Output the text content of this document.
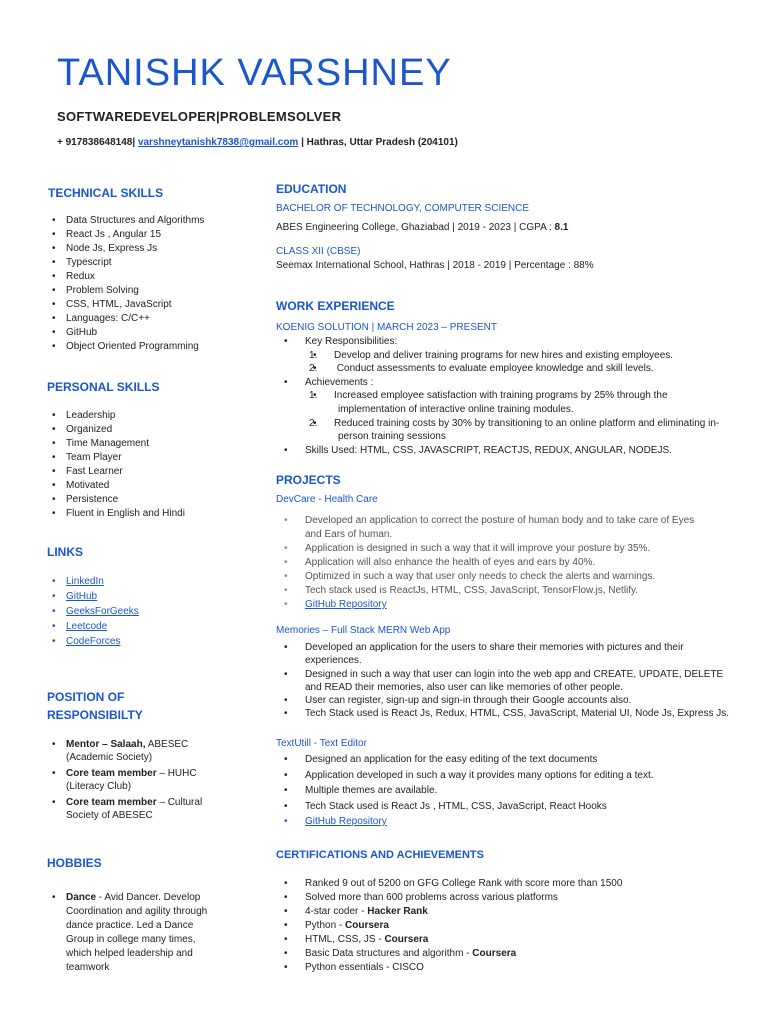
TANISHK VARSHNEY
SOFTWAREDEVELOPER|PROBLEMSOLVER
+ 917838648148| varshneytanishk7838@gmail.com | Hathras, Uttar Pradesh (204101)
TECHNICAL SKILLS
• Data Structures and Algorithms
• React Js , Angular 15
• Node Js, Express Js
• Typescript
• Redux
• Problem Solving
• CSS, HTML, JavaScript
• Languages: C/C++
• GitHub
• Object Oriented Programming
PERSONAL SKILLS
• Leadership
• Organized
• Time Management
• Team Player
• Fast Learner
• Motivated
• Persistence
• Fluent in English and Hindi
LINKS
• LinkedIn
• GitHub
• GeeksForGeeks
• Leetcode
• CodeForces
POSITION OF
RESPONSIBILTY
• Mentor – Salaah, ABESEC
(Academic Society)
• Core team member – HUHC
(Literacy Club)
• Core team member – Cultural
Society of ABESEC
HOBBIES
• Dance - Avid Dancer. Develop
Coordination and agility through
dance practice. Led a Dance
Group in college many times,
which helped leadership and
teamwork
EDUCATION
BACHELOR OF TECHNOLOGY, COMPUTER SCIENCE
ABES Engineering College, Ghaziabad | 2019 - 2023 | CGPA : 8.1
CLASS XII (CBSE)
Seemax International School, Hathras | 2018 - 2019 | Percentage : 88%
WORK EXPERIENCE
KOENIG SOLUTION | MARCH 2023 – PRESENT
• Key Responsibilities:
• 1. Develop and deliver training programs for new hires and existing employees.
• 2. Conduct assessments to evaluate employee knowledge and skill levels.
• Achievements :
• 1. Increased employee satisfaction with training programs by 25% through the
implementation of interactive online training modules.
• 2. Reduced training costs by 30% by transitioning to an online platform and eliminating in-
person training sessions
• Skills Used: HTML, CSS, JAVASCRIPT, REACTJS, REDUX, ANGULAR, NODEJS.
PROJECTS
DevCare - Health Care
• Developed an application to correct the posture of human body and to take care of Eyes
and Ears of human.
• Application is designed in such a way that it will improve your posture by 35%.
• Application will also enhance the health of eyes and ears by 40%.
• Optimized in such a way that user only needs to check the alerts and warnings.
• Tech stack used is ReactJs, HTML, CSS, JavaScript, TensorFlow.js, Netlify.
• GitHub Repository
Memories – Full Stack MERN Web App
• Developed an application for the users to share their memories with pictures and their
experiences.
• Designed in such a way that user can login into the web app and CREATE, UPDATE, DELETE
and READ their memories, also user can like memories of other people.
• User can register, sign-up and sign-in through their Google accounts also.
• Tech Stack used is React Js, Redux, HTML, CSS, JavaScript, Material UI, Node Js, Express Js.
TextUtill - Text Editor
• Designed an application for the easy editing of the text documents
• Application developed in such a way it provides many options for editing a text.
• Multiple themes are available.
• Tech Stack used is React Js , HTML, CSS, JavaScript, React Hooks
• GitHub Repository
CERTIFICATIONS AND ACHIEVEMENTS
• Ranked 9 out of 5200 on GFG College Rank with score more than 1500
• Solved more than 600 problems across various platforms
• 4-star coder - Hacker Rank
• Python - Coursera
• HTML, CSS, JS - Coursera
• Basic Data structures and algorithm - Coursera
• Python essentials - CISCO
